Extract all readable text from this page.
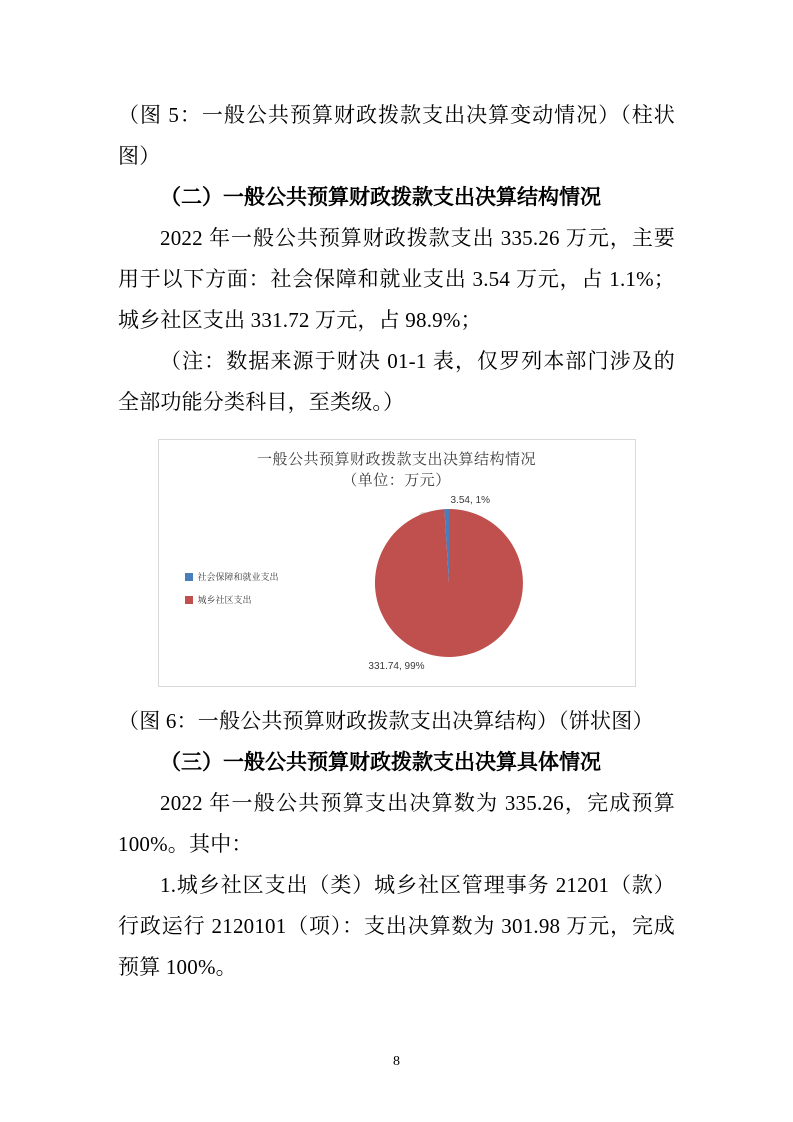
（图 5：一般公共预算财政拨款支出决算变动情况）（柱状图）

（二）一般公共预算财政拨款支出决算结构情况

2022 年一般公共预算财政拨款支出 335.26 万元，主要用于以下方面：社会保障和就业支出 3.54 万元，占 1.1%；城乡社区支出 331.72 万元，占 98.9%；

（注：数据来源于财决 01-1 表，仅罗列本部门涉及的全部功能分类科目，至类级。）

一般公共预算财政拨款支出决算结构情况
（单位：万元）
社会保障和就业支出
城乡社区支出
3.54, 1%
331.74, 99%

（图 6：一般公共预算财政拨款支出决算结构）（饼状图）

（三）一般公共预算财政拨款支出决算具体情况

2022 年一般公共预算支出决算数为 335.26，完成预算 100%。其中：

1.城乡社区支出（类）城乡社区管理事务 21201（款）行政运行 2120101（项）：支出决算数为 301.98 万元，完成预算 100%。

8
